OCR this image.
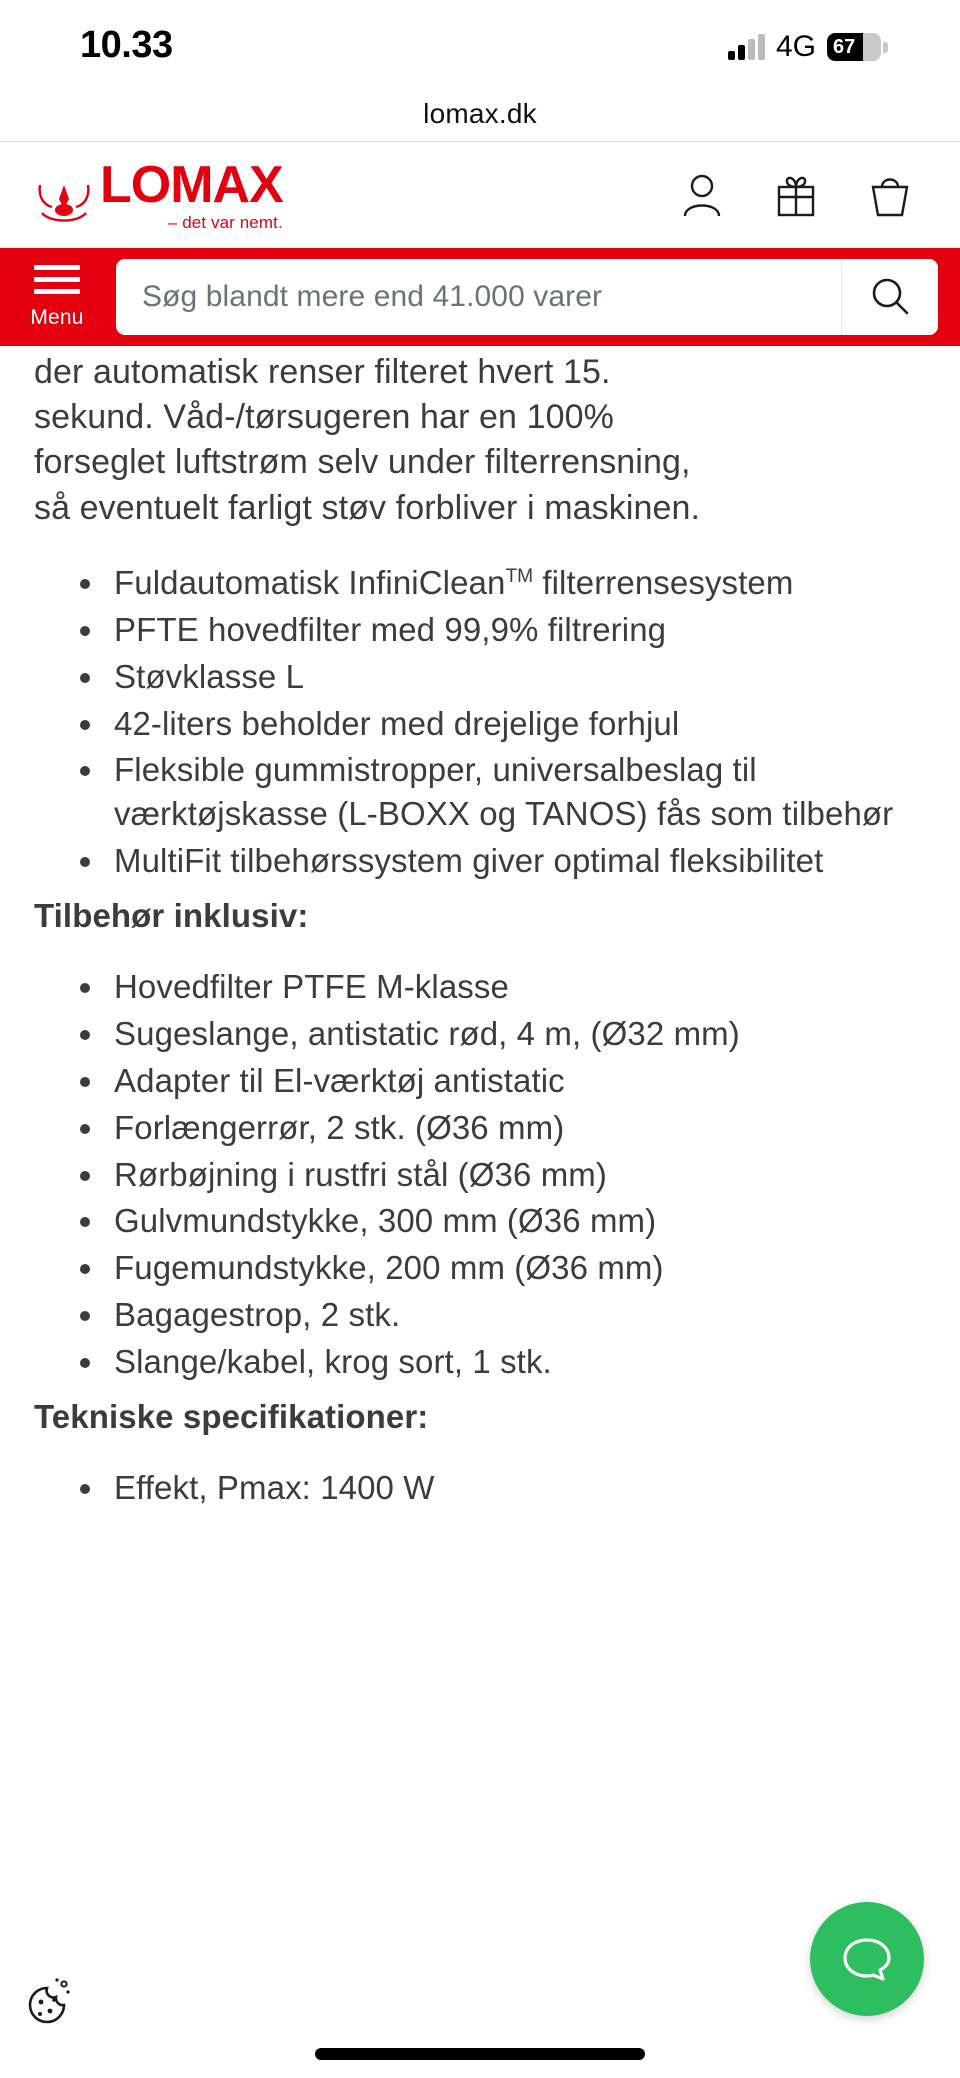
10.33	4G 67
lomax.dk
LOMAX
– det var nemt.
Menu
Søg blandt mere end 41.000 varer
der automatisk renser filteret hvert 15.
sekund. Våd-/tørsugeren har en 100%
forseglet luftstrøm selv under filterrensning,
så eventuelt farligt støv forbliver i maskinen.
Fuldautomatisk InfiniClean™ filterrensesystem
PFTE hovedfilter med 99,9% filtrering
Støvklasse L
42-liters beholder med drejelige forhjul
Fleksible gummistropper, universalbeslag til værktøjskasse (L-BOXX og TANOS) fås som tilbehør
MultiFit tilbehørssystem giver optimal fleksibilitet
Tilbehør inklusiv:
Hovedfilter PTFE M-klasse
Sugeslange, antistatic rød, 4 m, (Ø32 mm)
Adapter til El-værktøj antistatic
Forlængerrør, 2 stk. (Ø36 mm)
Rørbøjning i rustfri stål (Ø36 mm)
Gulvmundstykke, 300 mm (Ø36 mm)
Fugemundstykke, 200 mm (Ø36 mm)
Bagagestrop, 2 stk.
Slange/kabel, krog sort, 1 stk.
Tekniske specifikationer:
Effekt, Pmax: 1400 W
